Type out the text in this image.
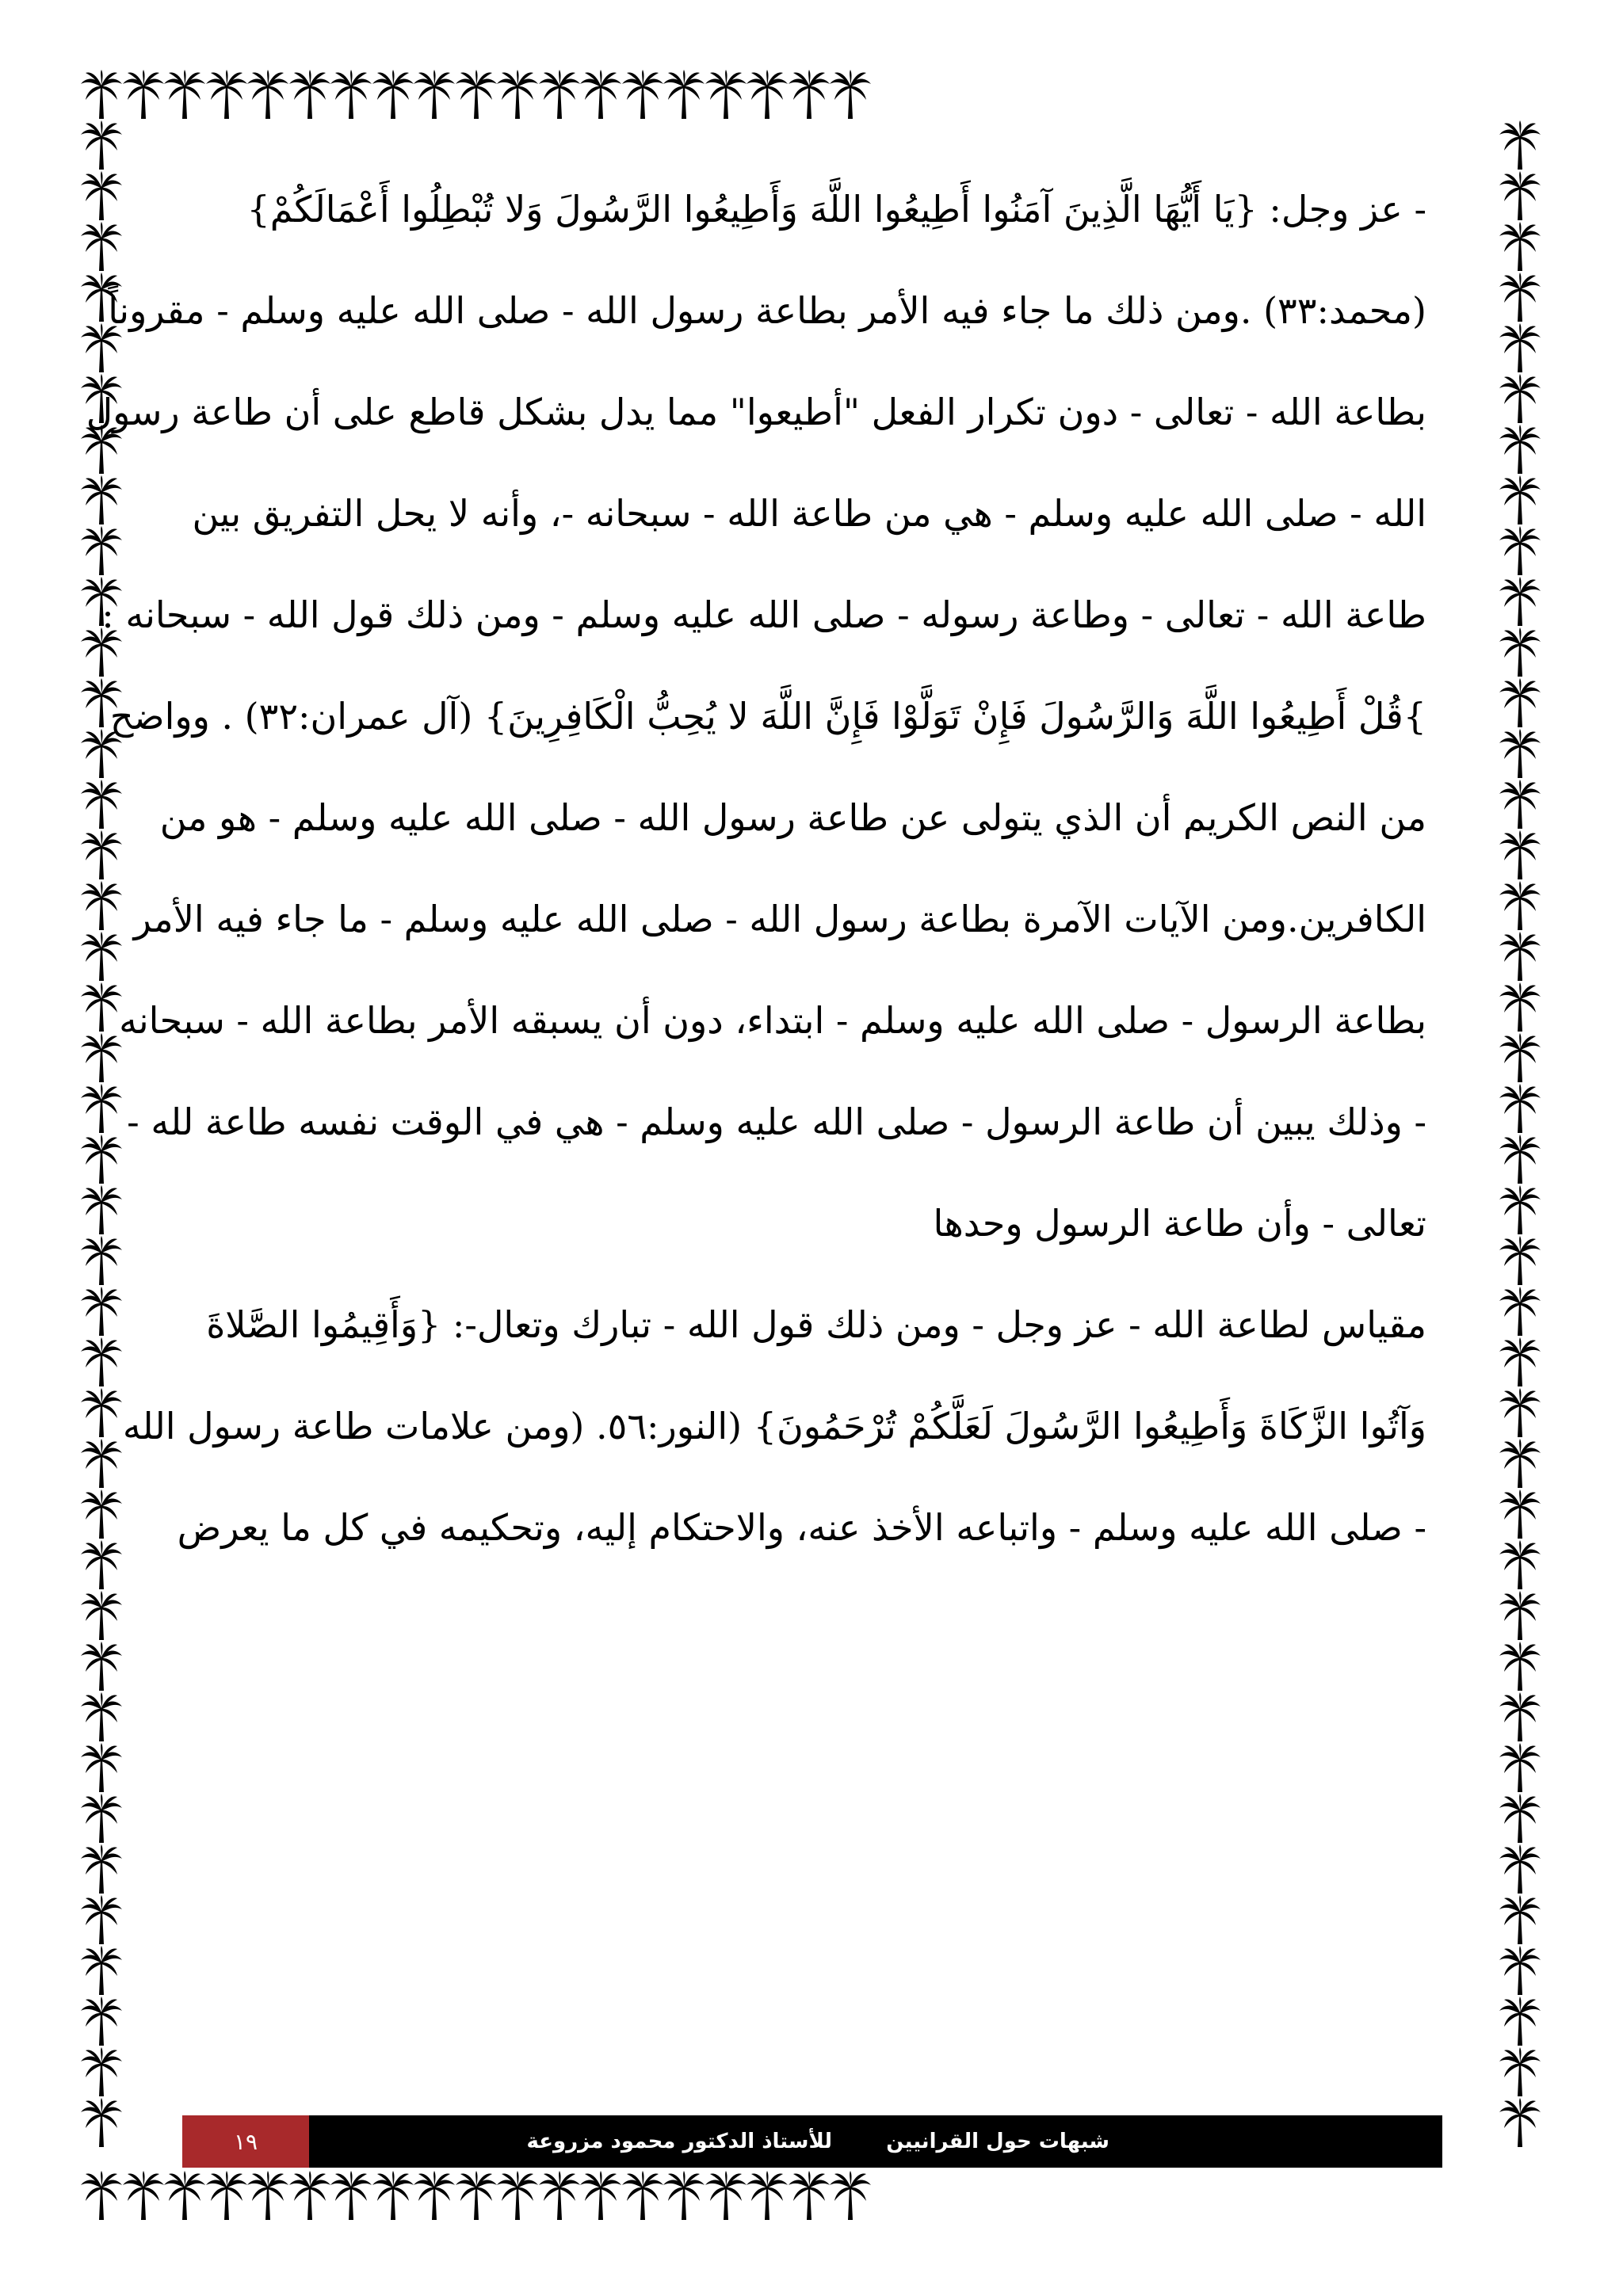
- عز وجل: {يَا أَيُّهَا الَّذِينَ آمَنُوا أَطِيعُوا اللَّهَ وَأَطِيعُوا الرَّسُولَ وَلا تُبْطِلُوا أَعْمَالَكُمْ}
(محمد:٣٣) .ومن ذلك ما جاء فيه الأمر بطاعة رسول الله - صلى الله عليه وسلم - مقروناً
بطاعة الله - تعالى - دون تكرار الفعل "أطيعوا" مما يدل بشكل قاطع على أن طاعة رسول
الله - صلى الله عليه وسلم - هي من طاعة الله - سبحانه -، وأنه لا يحل التفريق بين
طاعة الله - تعالى - وطاعة رسوله - صلى الله عليه وسلم - ومن ذلك قول الله - سبحانه :
}قُلْ أَطِيعُوا اللَّهَ وَالرَّسُولَ فَإِنْ تَوَلَّوْا فَإِنَّ اللَّهَ لا يُحِبُّ الْكَافِرِينَ} (آل عمران:٣٢) . وواضح
من النص الكريم أن الذي يتولى عن طاعة رسول الله - صلى الله عليه وسلم - هو من
الكافرين.ومن الآيات الآمرة بطاعة رسول الله - صلى الله عليه وسلم - ما جاء فيه الأمر
بطاعة الرسول - صلى الله عليه وسلم - ابتداء، دون أن يسبقه الأمر بطاعة الله - سبحانه
- وذلك يبين أن طاعة الرسول - صلى الله عليه وسلم - هي في الوقت نفسه طاعة لله -
تعالى - وأن طاعة الرسول وحدها
مقياس لطاعة الله - عز وجل - ومن ذلك قول الله - تبارك وتعال-: {وَأَقِيمُوا الصَّلاةَ
وَآتُوا الزَّكَاةَ وَأَطِيعُوا الرَّسُولَ لَعَلَّكُمْ تُرْحَمُونَ} (النور:٥٦. (ومن علامات طاعة رسول الله
- صلى الله عليه وسلم - واتباعه الأخذ عنه، والاحتكام إليه، وتحكيمه في كل ما يعرض
شبهات حول القرانيين
للأستاذ الدكتور محمود مزروعة
١٩
